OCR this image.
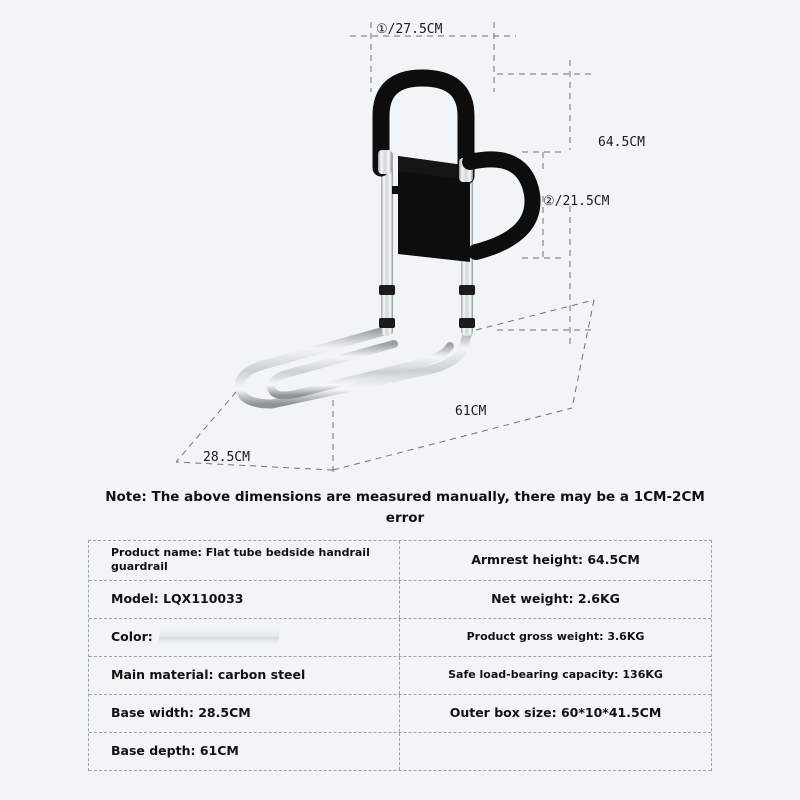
①/27.5CM
64.5CM
②/21.5CM
61CM
28.5CM
Note: The above dimensions are measured manually, there may be a 1CM-2CM error
Product name: Flat tube bedside handrail guardrail	Armrest height: 64.5CM
Model: LQX110033	Net weight: 2.6KG
Color:	Product gross weight: 3.6KG
Main material: carbon steel	Safe load-bearing capacity: 136KG
Base width: 28.5CM	Outer box size: 60*10*41.5CM
Base depth: 61CM
